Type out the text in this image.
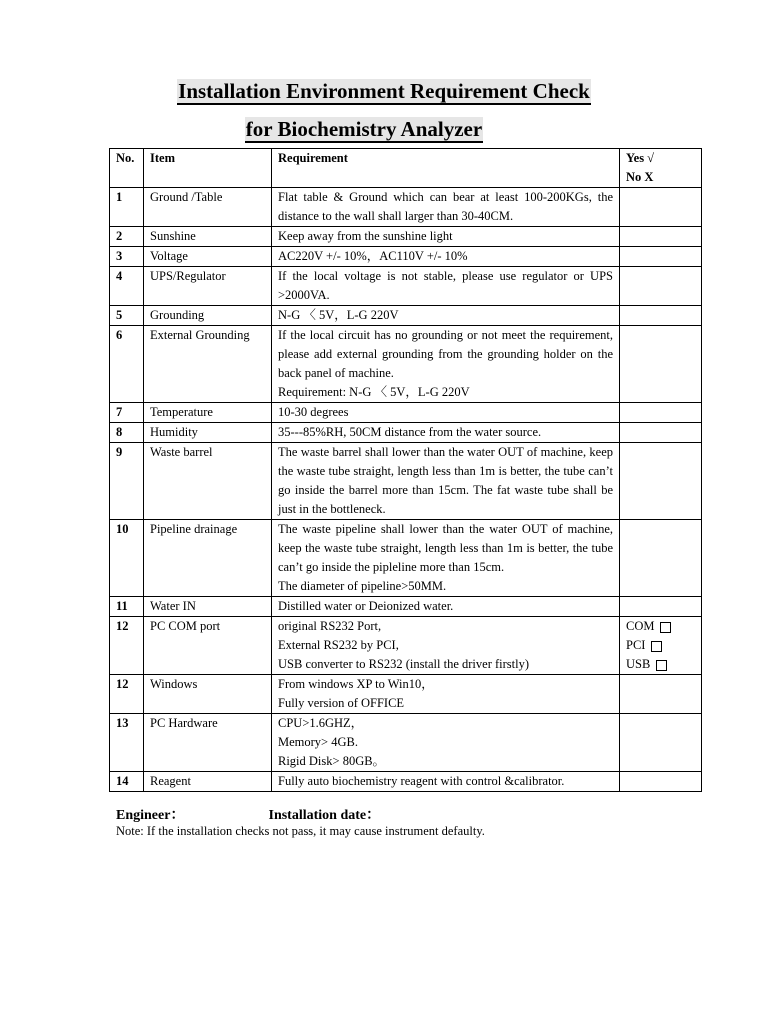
Installation Environment Requirement Check
for Biochemistry Analyzer
No.	Item	Requirement	Yes √
No X

1	Ground /Table	Flat table & Ground which can bear at least 100-200KGs, the distance to the wall shall larger than 30-40CM.	

2	Sunshine	Keep away from the sunshine light	

3	Voltage	AC220V +/- 10%，AC110V +/- 10%	

4	UPS/Regulator	If the local voltage is not stable, please use regulator or UPS >2000VA.	

5	Grounding	N-G 〈 5V，L-G 220V	

6	External Grounding	If the local circuit has no grounding or not meet the requirement, please add external grounding from the grounding holder on the back panel of machine.
Requirement: N-G 〈 5V，L-G 220V	

7	Temperature	10-30 degrees	

8	Humidity	35---85%RH, 50CM distance from the water source.	

9	Waste barrel	The waste barrel shall lower than the water OUT of machine, keep the waste tube straight, length less than 1m is better, the tube can’t go inside the barrel more than 15cm. The fat waste tube shall be just in the bottleneck.	

10	Pipeline drainage	The waste pipeline shall lower than the water OUT of machine, keep the waste tube straight, length less than 1m is better, the tube can’t go inside the pipleline more than 15cm.
The diameter of pipeline>50MM.	

11	Water IN	Distilled water or Deionized water.	

12	PC COM port	original RS232 Port,
External RS232 by PCI,
USB converter to RS232 (install the driver firstly)	COM
PCI
USB

12	Windows	From windows XP to Win10，
Fully version of OFFICE	

13	PC Hardware	CPU>1.6GHZ，
Memory> 4GB.
Rigid Disk> 80GB。	

14	Reagent	Fully auto biochemistry reagent with control &calibrator.	

Engineer：	Installation date：
Note: If the installation checks not pass, it may cause instrument defaulty.
